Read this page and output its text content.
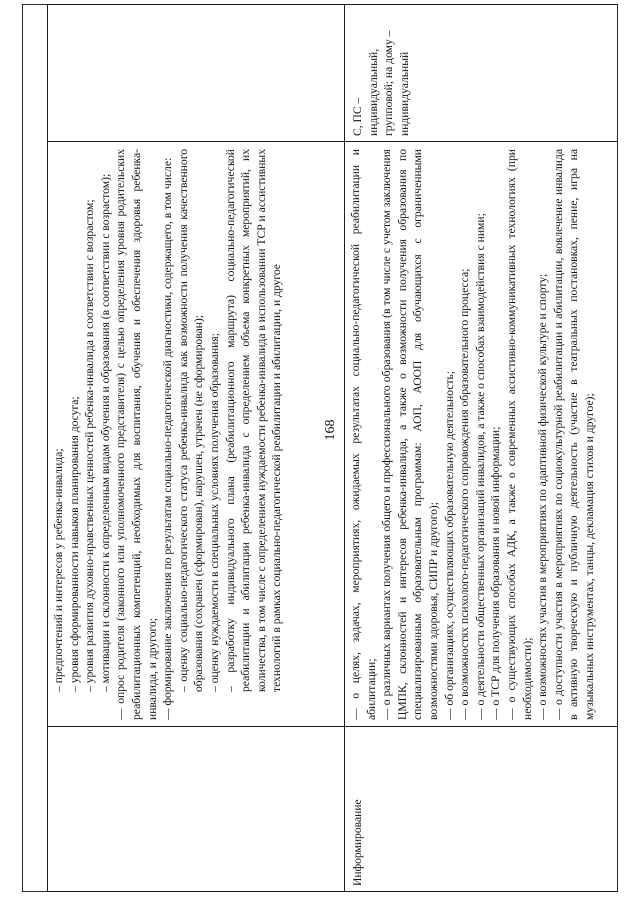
168

– предпочтений и интересов у ребенка-инвалида; – уровня сформированности навыков планирования досуга; – уровня развития духовно-нравственных ценностей ребенка-инвалида в соответствии с возрастом; – мотивации и склонности к определенным видам обучения и образования (в соответствии с возрастом); — опрос родителя (законного или уполномоченного представителя) с целью определения уровня родительских реабилитационных компетенций, необходимых для воспитания, обучения и обеспечения здоровья ребенка-инвалида, и другого; — формирование заключения по результатам социально-педагогической диагностики, содержащего, в том числе: – оценку социально-педагогического статуса ребенка-инвалида как возможности получения качественного образования (сохранен (сформирован), нарушен, утрачен (не сформирован); – оценку нуждаемости в специальных условиях получения образования; – разработку индивидуального плана (реабилитационного маршрута) социально-педагогической реабилитации и абилитации ребенка-инвалида с определением объема конкретных мероприятий, их количества, в том числе с определением нуждаемости ребенка-инвалида в использовании ТСР и ассистивных технологий в рамках социально-педагогической реабилитации и абилитации, и другое

Информирование

— о целях, задачах, мероприятиях, ожидаемых результатах социально-педагогической реабилитации и абилитации; — о различных вариантах получения общего и профессионального образования (в том числе с учетом заключения ЦМПК, склонностей и интересов ребенка-инвалида, а также о возможности получения образования по специализированным образовательным программам: АОП, АООП для обучающихся с ограниченными возможностями здоровья, СИПР и другого); — об организациях, осуществляющих образовательную деятельность; — о возможностях психолого-педагогического сопровождения образовательного процесса; — о деятельности общественных организаций инвалидов, а также о способах взаимодействия с ними; — о ТСР для получения образования и новой информации; — о существующих способах АДК, а также о современных ассистивно-коммуникативных технологиях (при необходимости); — о возможностях участия в мероприятиях по адаптивной физической культуре и спорту; — о доступности участия в мероприятиях по социокультурной реабилитации и абилитации, вовлечение инвалида в активную творческую и публичную деятельность (участие в театральных постановках, пение, игра на музыкальных инструментах, танцы, декламация стихов и другое);

С, ПС – индивидуальный, групповой; на дому – индивидуальный
